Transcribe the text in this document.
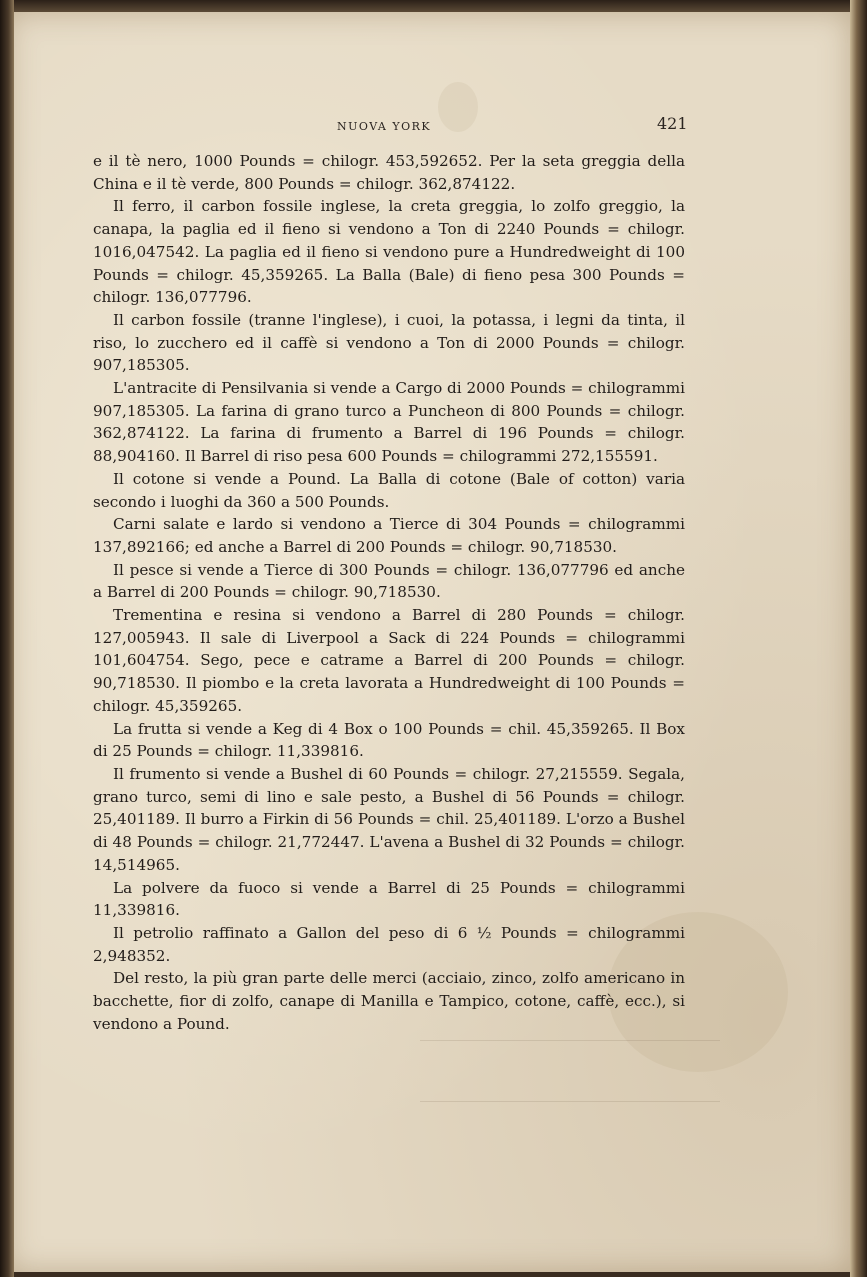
NUOVA YORK	421

e il tè nero, 1000 Pounds = chilogr. 453,592652. Per la seta greggia della China e il tè verde, 800 Pounds = chilogr. 362,874122.

Il ferro, il carbon fossile inglese, la creta greggia, lo zolfo greggio, la canapa, la paglia ed il fieno si vendono a Ton di 2240 Pounds = chilogr. 1016,047542. La paglia ed il fieno si vendono pure a Hundredweight di 100 Pounds = chilogr. 45,359265. La Balla (Bale) di fieno pesa 300 Pounds = chilogr. 136,077796.

Il carbon fossile (tranne l'inglese), i cuoi, la potassa, i legni da tinta, il riso, lo zucchero ed il caffè si vendono a Ton di 2000 Pounds = chilogr. 907,185305.

L'antracite di Pensilvania si vende a Cargo di 2000 Pounds = chilogrammi 907,185305. La farina di grano turco a Puncheon di 800 Pounds = chilogr. 362,874122. La farina di frumento a Barrel di 196 Pounds = chilogr. 88,904160. Il Barrel di riso pesa 600 Pounds = chilogrammi 272,155591.

Il cotone si vende a Pound. La Balla di cotone (Bale of cotton) varia secondo i luoghi da 360 a 500 Pounds.

Carni salate e lardo si vendono a Tierce di 304 Pounds = chilogrammi 137,892166; ed anche a Barrel di 200 Pounds = chilogr. 90,718530.

Il pesce si vende a Tierce di 300 Pounds = chilogr. 136,077796 ed anche a Barrel di 200 Pounds = chilogr. 90,718530.

Trementina e resina si vendono a Barrel di 280 Pounds = chilogr. 127,005943. Il sale di Liverpool a Sack di 224 Pounds = chilogrammi 101,604754. Sego, pece e catrame a Barrel di 200 Pounds = chilogr. 90,718530. Il piombo e la creta lavorata a Hundredweight di 100 Pounds = chilogr. 45,359265.

La frutta si vende a Keg di 4 Box o 100 Pounds = chil. 45,359265. Il Box di 25 Pounds = chilogr. 11,339816.

Il frumento si vende a Bushel di 60 Pounds = chilogr. 27,215559. Segala, grano turco, semi di lino e sale pesto, a Bushel di 56 Pounds = chilogr. 25,401189. Il burro a Firkin di 56 Pounds = chil. 25,401189. L'orzo a Bushel di 48 Pounds = chilogr. 21,772447. L'avena a Bushel di 32 Pounds = chilogr. 14,514965.

La polvere da fuoco si vende a Barrel di 25 Pounds = chilogrammi 11,339816.

Il petrolio raffinato a Gallon del peso di 6 ½ Pounds = chilogrammi 2,948352.

Del resto, la più gran parte delle merci (acciaio, zinco, zolfo americano in bacchette, fior di zolfo, canape di Manilla e Tampico, cotone, caffè, ecc.), si vendono a Pound.
